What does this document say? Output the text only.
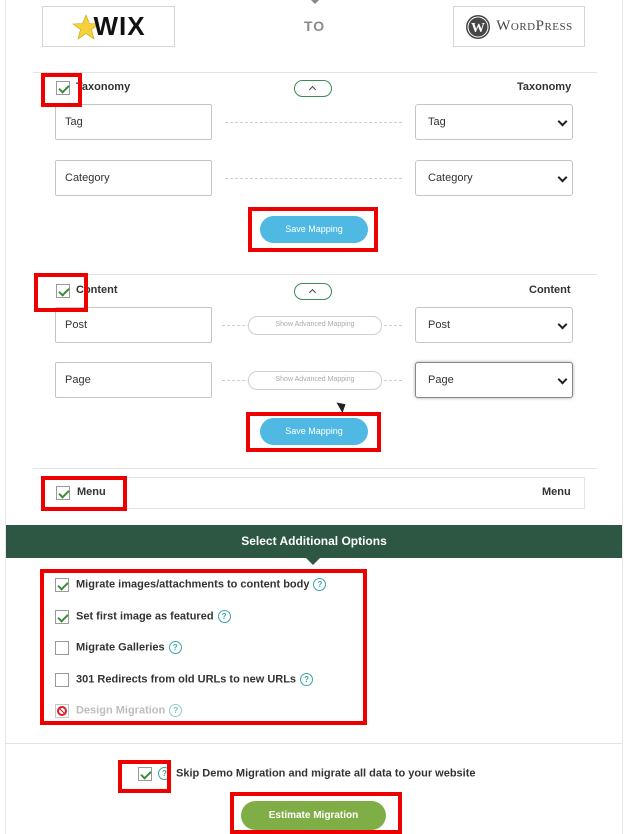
WIX	TO	W WordPress
Taxonomy	Taxonomy
Tag	Tag
Category	Category
Save Mapping
Content	Content
Post	Show Advanced Mapping	Post
Page	Show Advanced Mapping	Page
Save Mapping
Menu	Menu
Select Additional Options
Migrate images/attachments to content body ?
Set first image as featured ?
Migrate Galleries ?
301 Redirects from old URLs to new URLs ?
Design Migration ?
? Skip Demo Migration and migrate all data to your website
Estimate Migration
